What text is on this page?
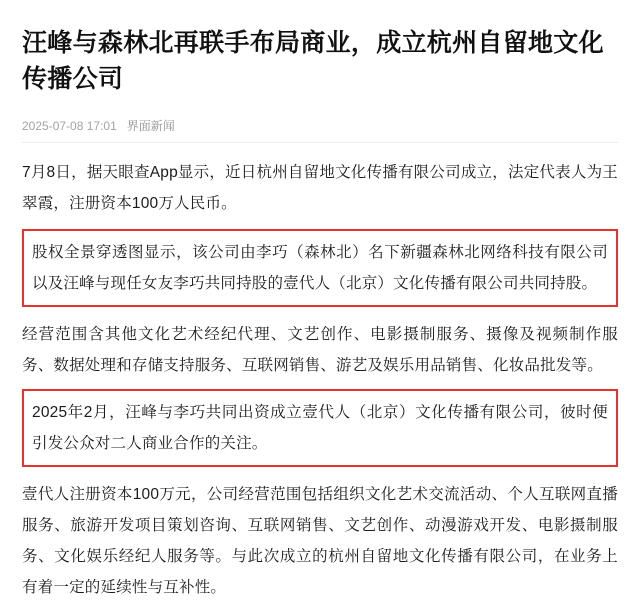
汪峰与森林北再联手布局商业，成立杭州自留地文化传播公司
2025-07-08 17:01 界面新闻

7月8日，据天眼查App显示，近日杭州自留地文化传播有限公司成立，法定代表人为王翠霞，注册资本100万人民币。

股权全景穿透图显示，该公司由李巧（森林北）名下新疆森林北网络科技有限公司以及汪峰与现任女友李巧共同持股的壹代人（北京）文化传播有限公司共同持股。

经营范围含其他文化艺术经纪代理、文艺创作、电影摄制服务、摄像及视频制作服务、数据处理和存储支持服务、互联网销售、游艺及娱乐用品销售、化妆品批发等。

2025年2月，汪峰与李巧共同出资成立壹代人（北京）文化传播有限公司，彼时便引发公众对二人商业合作的关注。

壹代人注册资本100万元，公司经营范围包括组织文化艺术交流活动、个人互联网直播服务、旅游开发项目策划咨询、互联网销售、文艺创作、动漫游戏开发、电影摄制服务、文化娱乐经纪人服务等。与此次成立的杭州自留地文化传播有限公司，在业务上有着一定的延续性与互补性。
